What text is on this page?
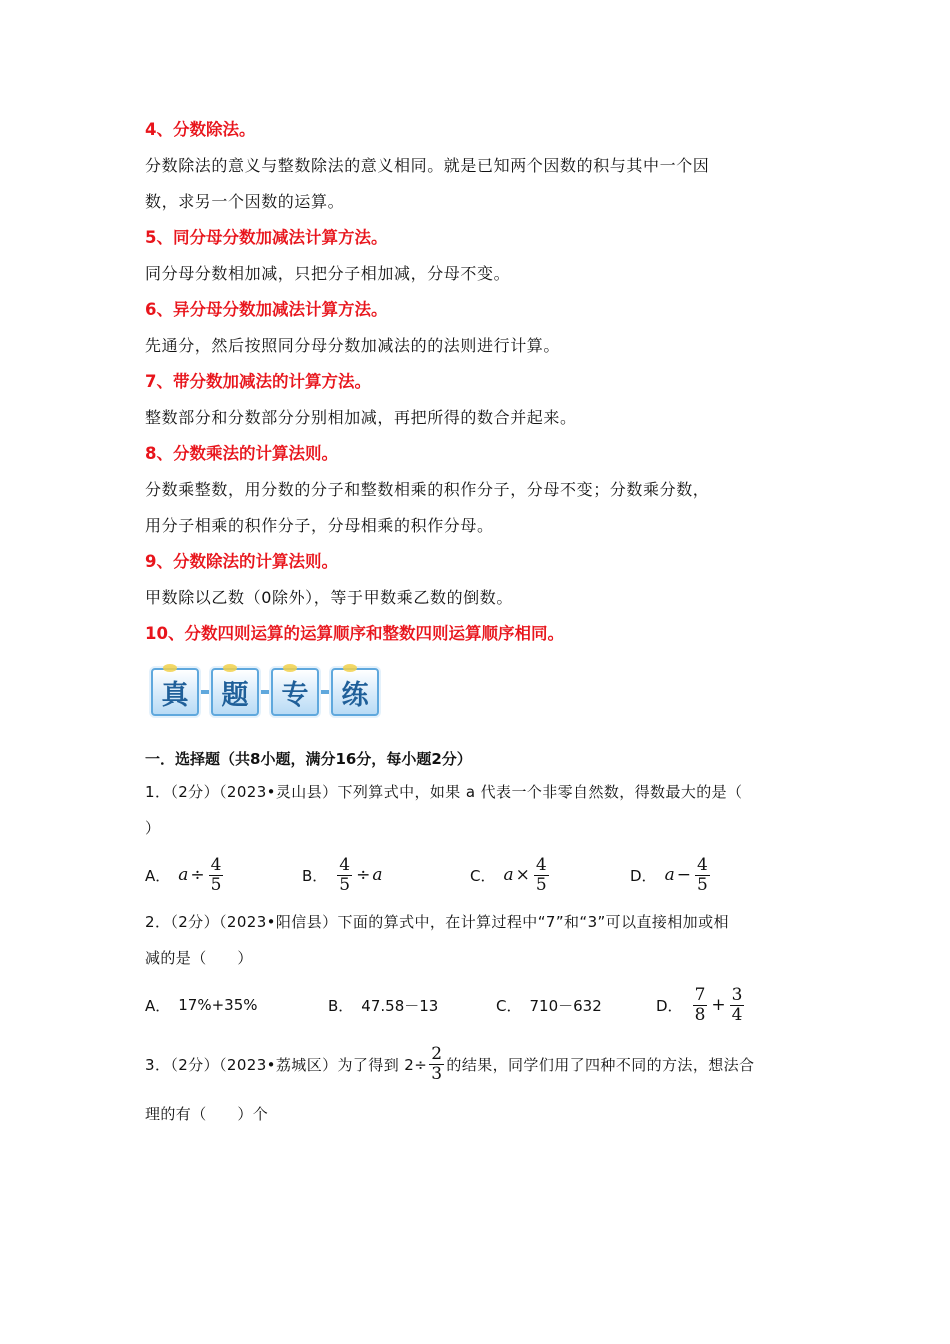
4、分数除法。

分数除法的意义与整数除法的意义相同。就是已知两个因数的积与其中一个因

数，求另一个因数的运算。

5、同分母分数加减法计算方法。

同分母分数相加减，只把分子相加减，分母不变。

6、异分母分数加减法计算方法。

先通分，然后按照同分母分数加减法的的法则进行计算。

7、带分数加减法的计算方法。

整数部分和分数部分分别相加减，再把所得的数合并起来。

8、分数乘法的计算法则。

分数乘整数，用分数的分子和整数相乘的积作分子，分母不变；分数乘分数，

用分子相乘的积作分子，分母相乘的积作分母。

9、分数除法的计算法则。

甲数除以乙数（0除外），等于甲数乘乙数的倒数。

10、分数四则运算的运算顺序和整数四则运算顺序相同。
真	题	专	练
一．选择题（共8小题，满分16分，每小题2分）

1．（2分）（2023•灵山县）下列算式中，如果 a 代表一个非零自然数，得数最大的是（

）

A． $a \div \frac{4}{5}$	B． $\frac{4}{5} \div a$	C． $a \times \frac{4}{5}$	D． $a - \frac{4}{5}$

2．（2分）（2023•阳信县）下面的算式中，在计算过程中“7”和“3”可以直接相加或相

减的是（　　）

A． 17%+35%	B． 47.58－13	C． 710－632	D． $\frac{7}{8} + \frac{3}{4}$
3．（2分）（2023•荔城区）为了得到 $2\div \frac{2}{3}$ 的结果，同学们用了四种不同的方法，想法合

理的有（　　）个
